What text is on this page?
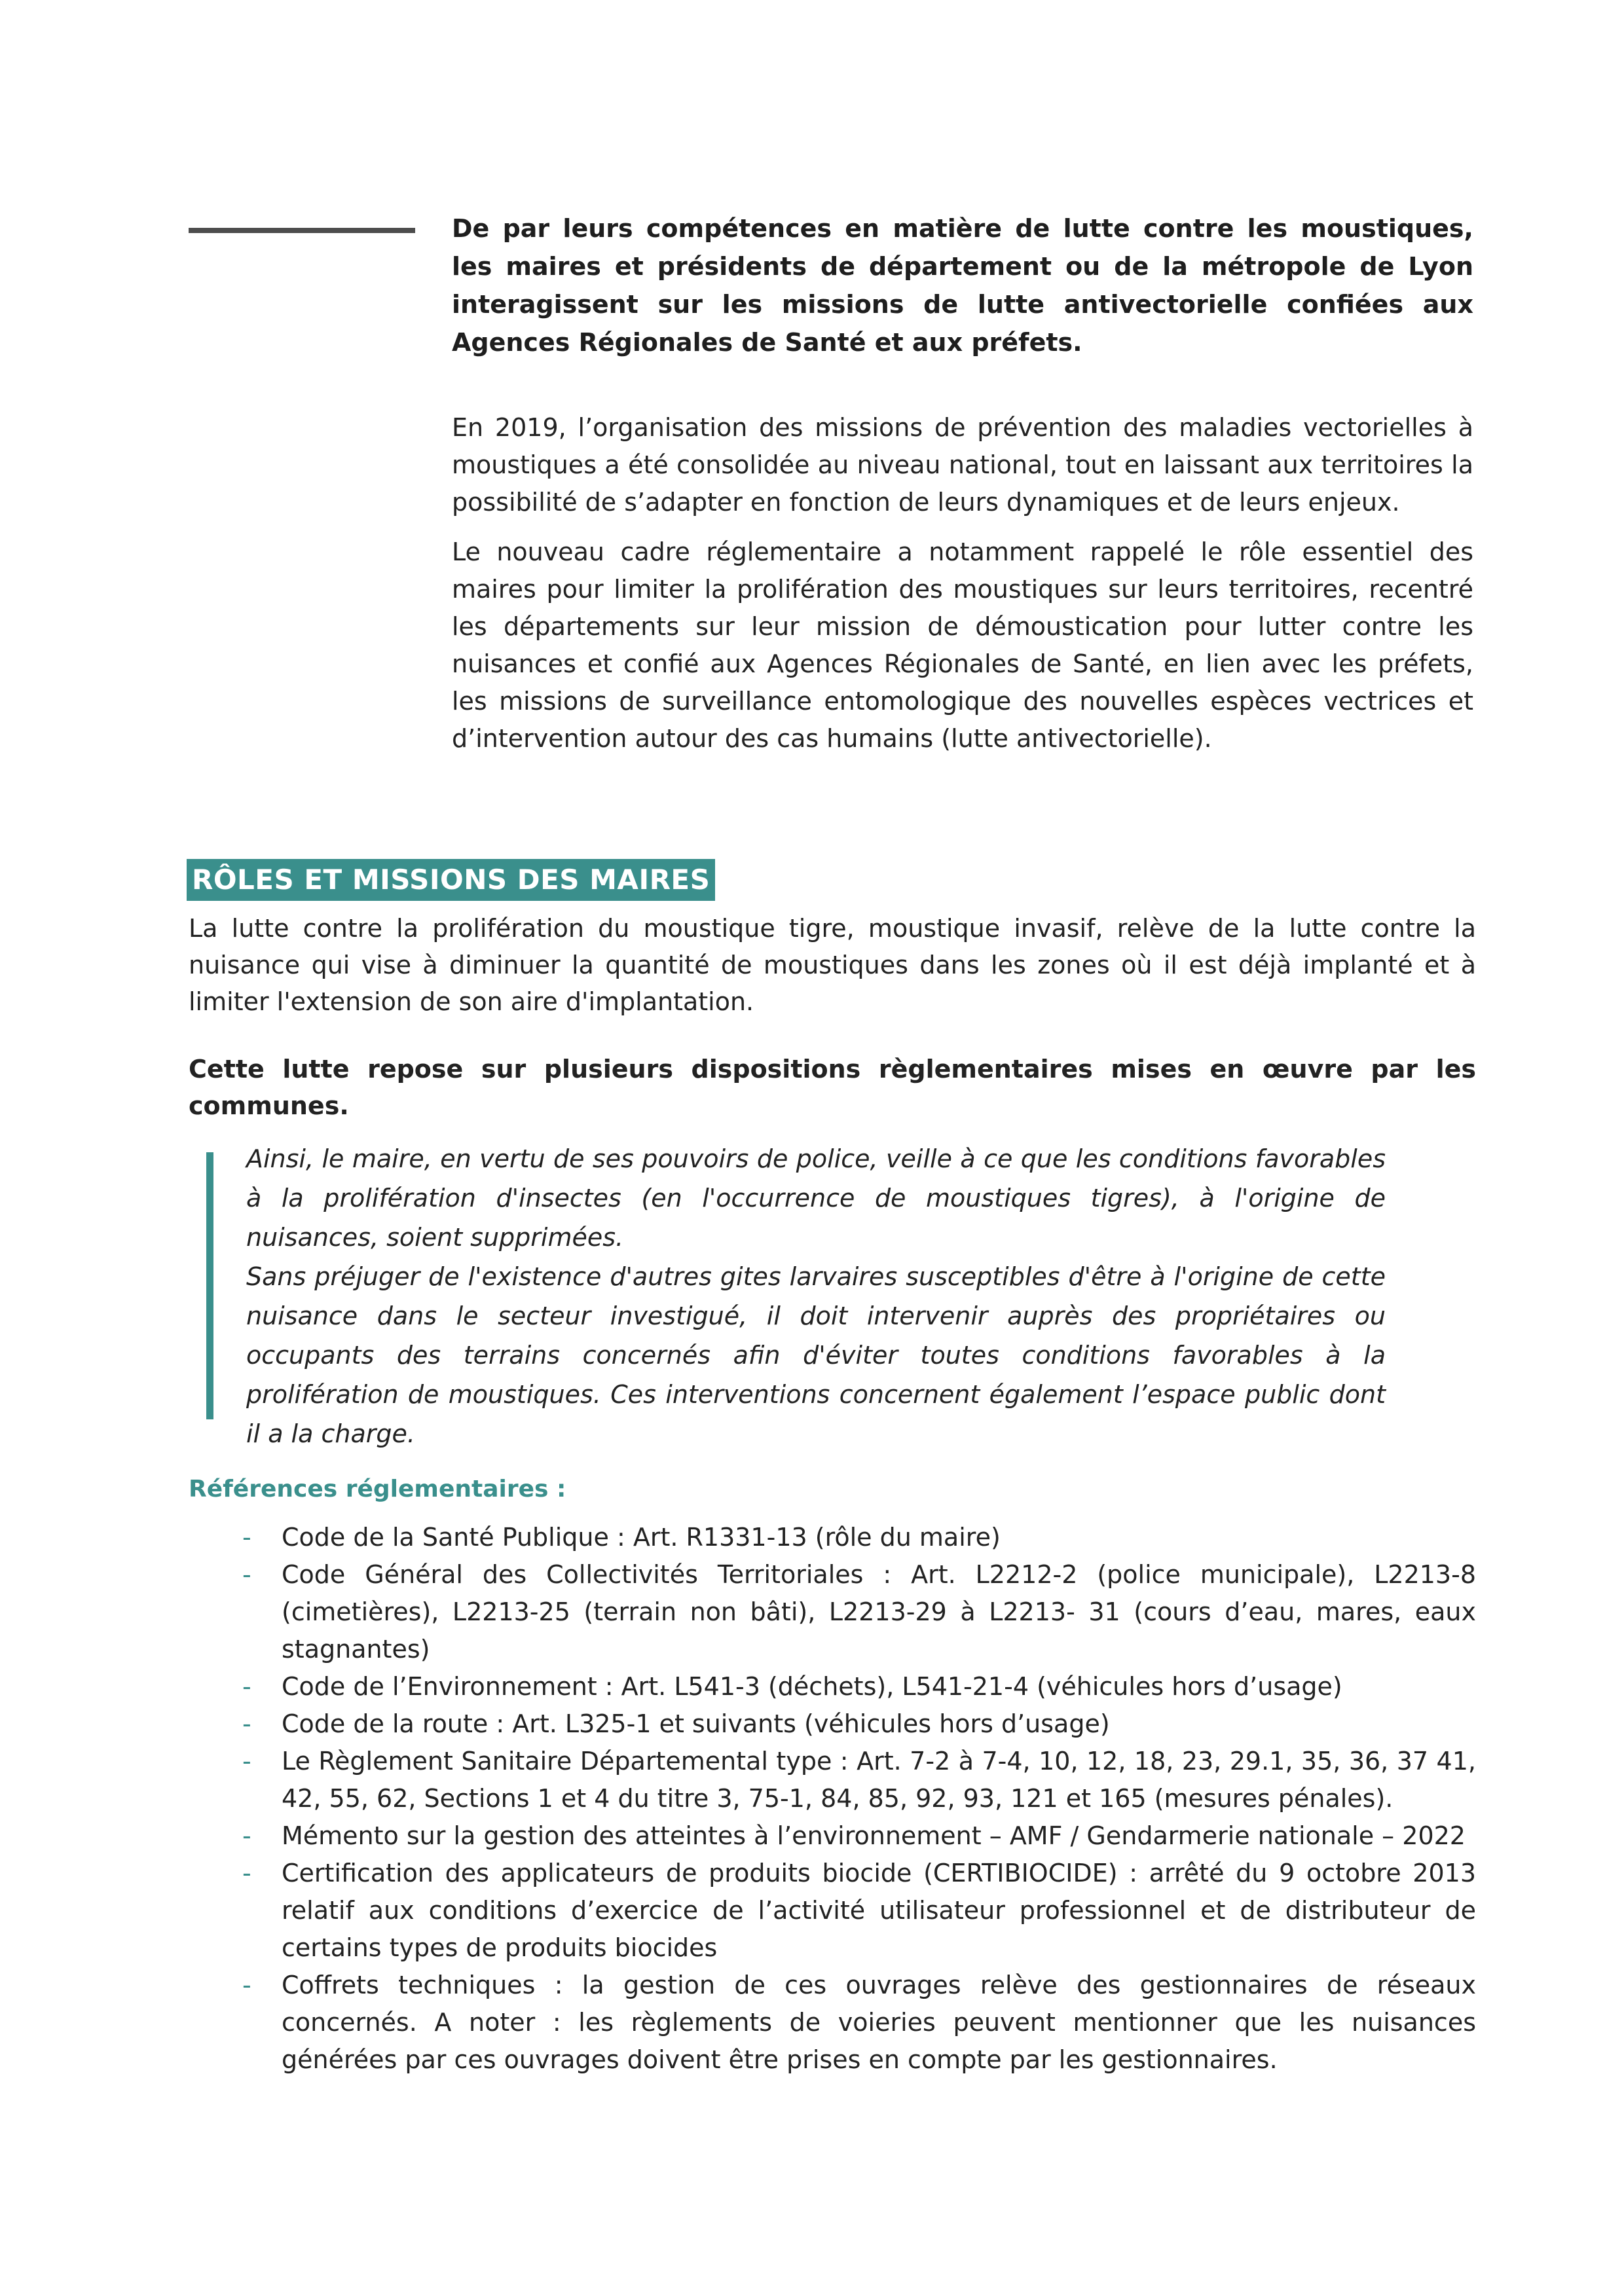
De par leurs compétences en matière de lutte contre les moustiques, les maires et présidents de département ou de la métropole de Lyon interagissent sur les missions de lutte antivectorielle confiées aux Agences Régionales de Santé et aux préfets.

En 2019, l’organisation des missions de prévention des maladies vectorielles à moustiques a été consolidée au niveau national, tout en laissant aux territoires la possibilité de s’adapter en fonction de leurs dynamiques et de leurs enjeux.

Le nouveau cadre réglementaire a notamment rappelé le rôle essentiel des maires pour limiter la prolifération des moustiques sur leurs territoires, recentré les départements sur leur mission de démoustication pour lutter contre les nuisances et confié aux Agences Régionales de Santé, en lien avec les préfets, les missions de surveillance entomologique des nouvelles espèces vectrices et d’intervention autour des cas humains (lutte antivectorielle).

RÔLES ET MISSIONS DES MAIRES

La lutte contre la prolifération du moustique tigre, moustique invasif, relève de la lutte contre la nuisance qui vise à diminuer la quantité de moustiques dans les zones où il est déjà implanté et à limiter l'extension de son aire d'implantation.

Cette lutte repose sur plusieurs dispositions règlementaires mises en œuvre par les communes.

Ainsi, le maire, en vertu de ses pouvoirs de police, veille à ce que les conditions favorables à la prolifération d'insectes (en l'occurrence de moustiques tigres), à l'origine de nuisances, soient supprimées.

Sans préjuger de l'existence d'autres gites larvaires susceptibles d'être à l'origine de cette nuisance dans le secteur investigué, il doit intervenir auprès des propriétaires ou occupants des terrains concernés afin d'éviter toutes conditions favorables à la prolifération de moustiques. Ces interventions concernent également l’espace public dont il a la charge.

Références réglementaires :
- Code de la Santé Publique : Art. R1331-13 (rôle du maire)
- Code Général des Collectivités Territoriales : Art. L2212-2 (police municipale), L2213-8 (cimetières), L2213-25 (terrain non bâti), L2213-29 à L2213- 31 (cours d’eau, mares, eaux stagnantes)
- Code de l’Environnement : Art. L541-3 (déchets), L541-21-4 (véhicules hors d’usage)
- Code de la route : Art. L325-1 et suivants (véhicules hors d’usage)
- Le Règlement Sanitaire Départemental type : Art. 7-2 à 7-4, 10, 12, 18, 23, 29.1, 35, 36, 37 41, 42, 55, 62, Sections 1 et 4 du titre 3, 75-1, 84, 85, 92, 93, 121 et 165 (mesures pénales).
- Mémento sur la gestion des atteintes à l’environnement – AMF / Gendarmerie nationale – 2022
- Certification des applicateurs de produits biocide (CERTIBIOCIDE) : arrêté du 9 octobre 2013 relatif aux conditions d’exercice de l’activité utilisateur professionnel et de distributeur de certains types de produits biocides
- Coffrets techniques : la gestion de ces ouvrages relève des gestionnaires de réseaux concernés. A noter : les règlements de voieries peuvent mentionner que les nuisances générées par ces ouvrages doivent être prises en compte par les gestionnaires.
